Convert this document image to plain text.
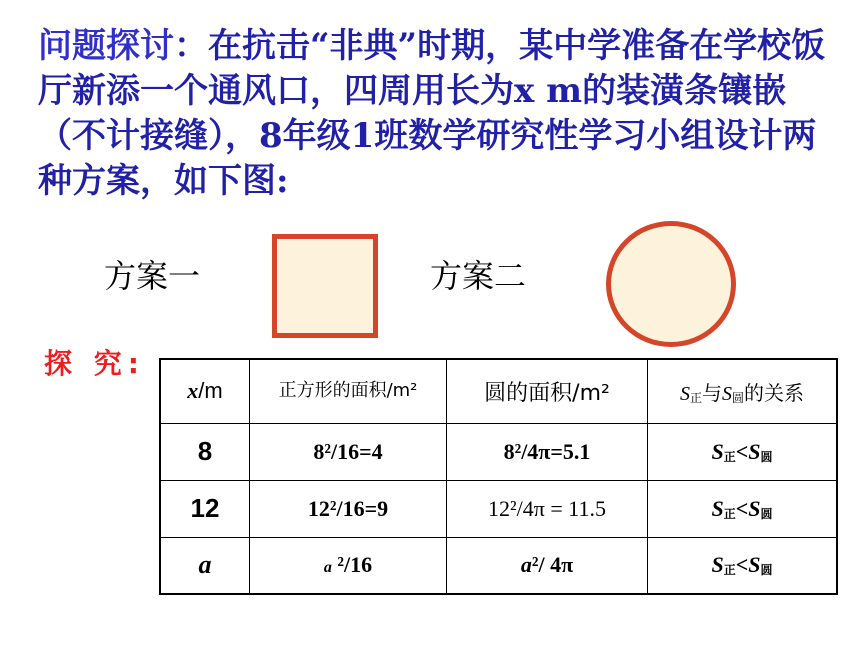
问题探讨：在抗击“非典”时期，某中学准备在学校饭厅新添一个通风口，四周用长为x m的装潢条镶嵌（不计接缝），8年级1班数学研究性学习小组设计两种方案，如下图:

方案一	方案二
探 究:
x/m	正方形的面积/m²	圆的面积/m²	S正与S圆的关系
8	8²/16=4	8²/4π=5.1	S正<S圆
12	12²/16=9	12²/4π = 11.5	S正<S圆
a	a ²/16	a²/ 4π	S正<S圆
